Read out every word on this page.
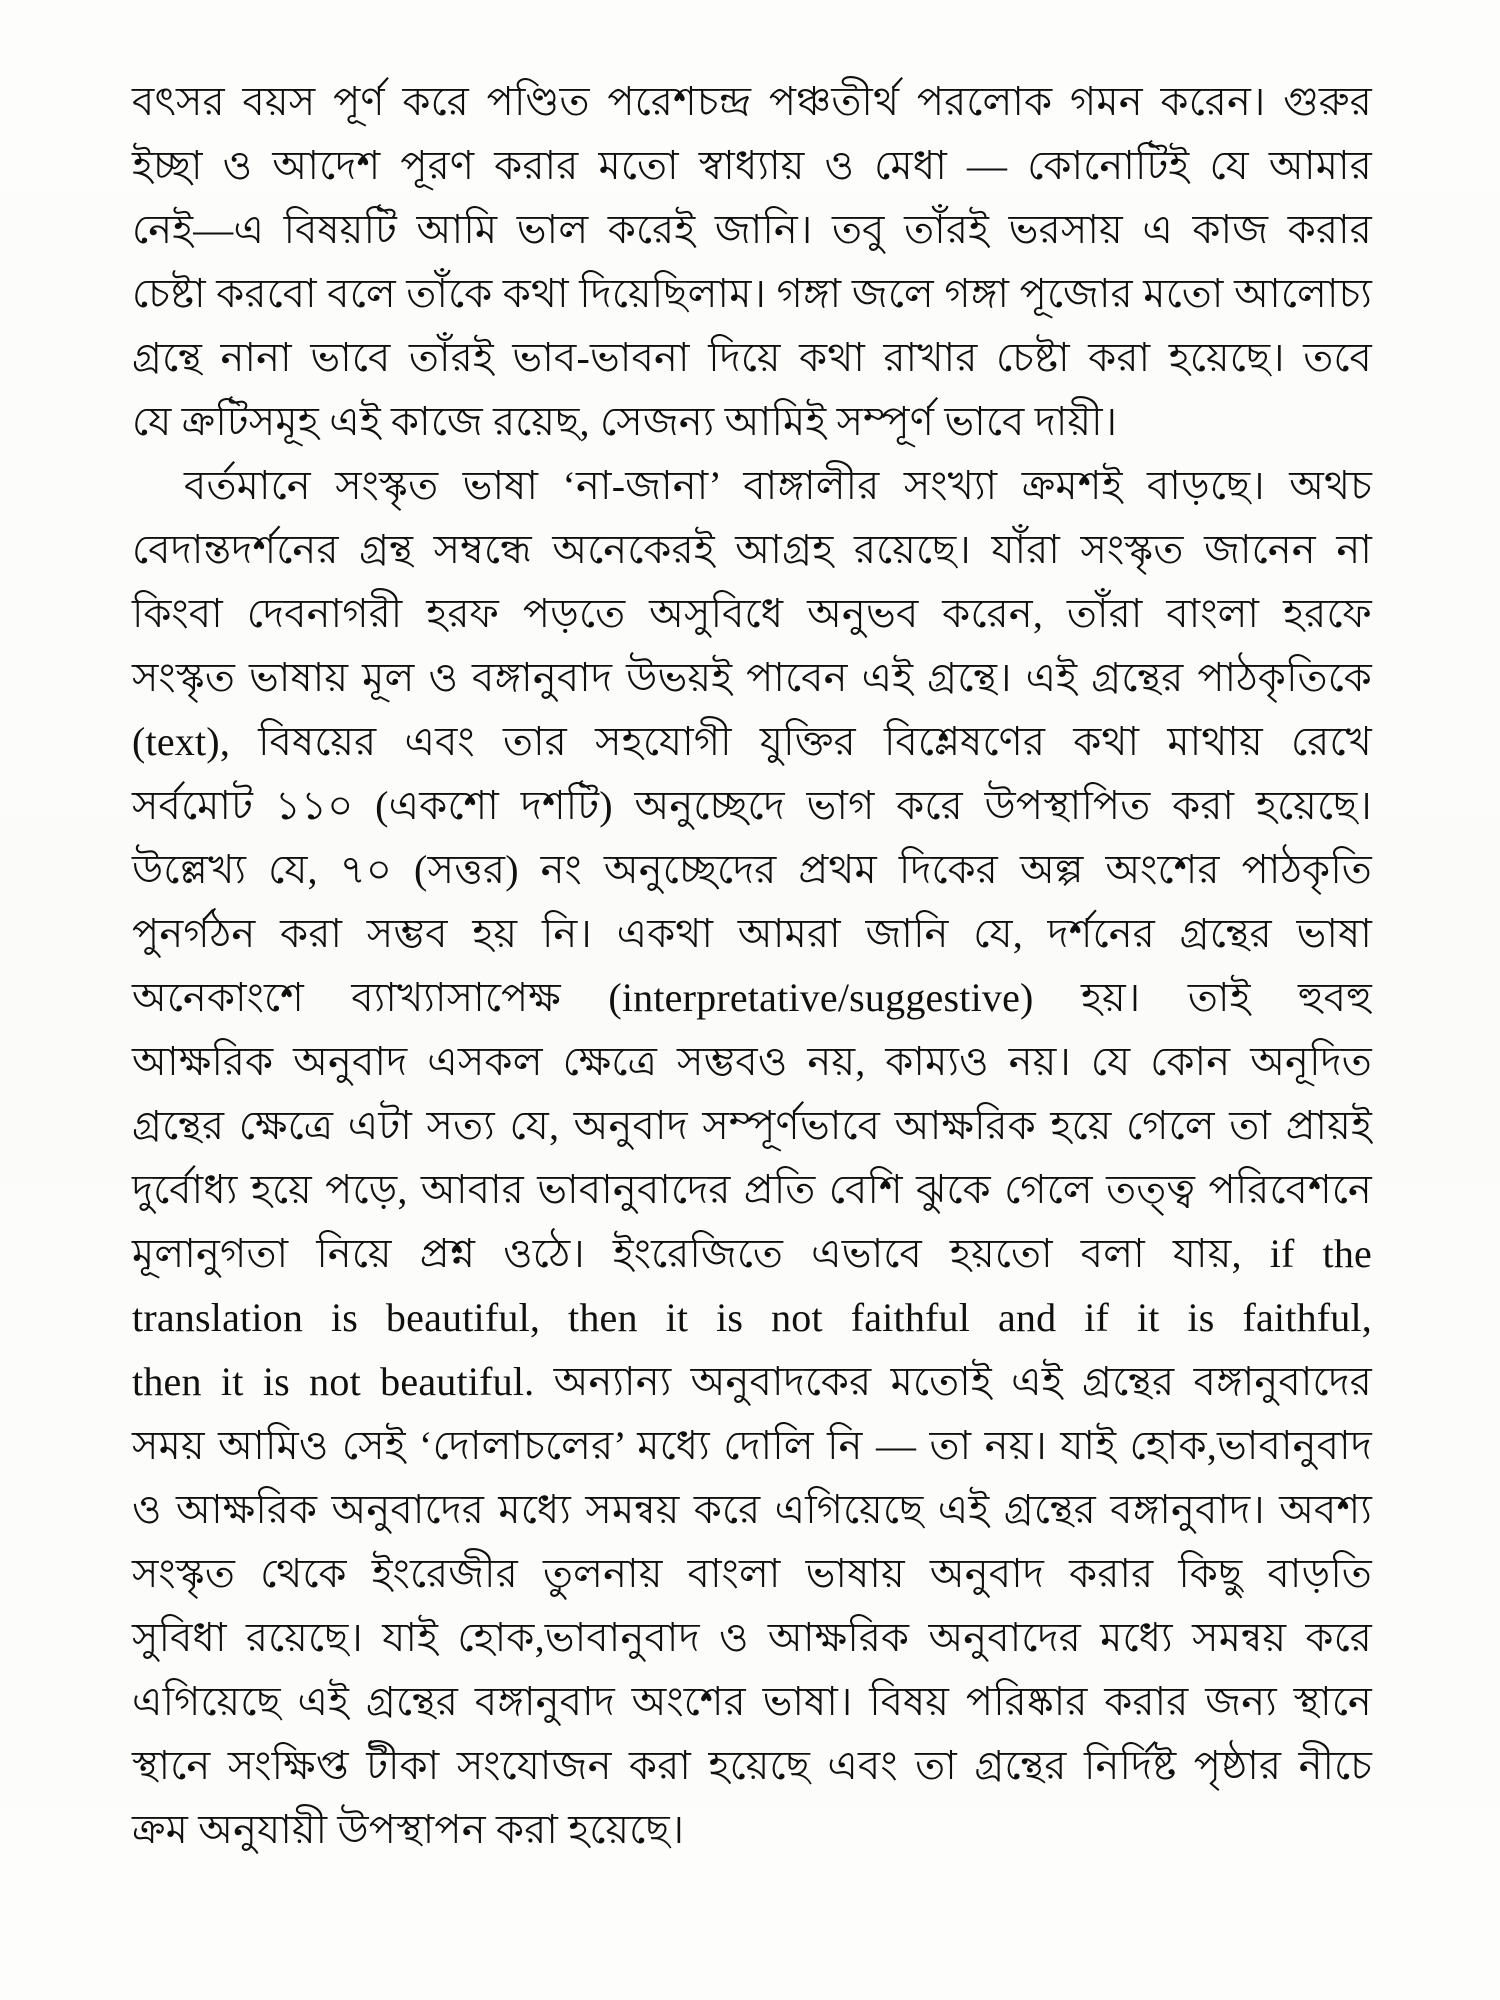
বৎসর বয়স পূর্ণ করে পণ্ডিত পরেশচন্দ্র পঞ্চতীর্থ পরলোক গমন করেন। গুরুর
ইচ্ছা ও আদেশ পূরণ করার মতো স্বাধ্যায় ও মেধা — কোনোটিই যে আমার
নেই—এ বিষয়টি আমি ভাল করেই জানি। তবু তাঁরই ভরসায় এ কাজ করার
চেষ্টা করবো বলে তাঁকে কথা দিয়েছিলাম। গঙ্গা জলে গঙ্গা পূজোর মতো আলোচ্য
গ্রন্থে নানা ভাবে তাঁরই ভাব-ভাবনা দিয়ে কথা রাখার চেষ্টা করা হয়েছে। তবে
যে ক্রটিসমূহ এই কাজে রয়েছ, সেজন্য আমিই সম্পূর্ণ ভাবে দায়ী।
বর্তমানে সংস্কৃত ভাষা ‘না-জানা’ বাঙ্গালীর সংখ্যা ক্রমশই বাড়ছে। অথচ
বেদান্তদর্শনের গ্রন্থ সম্বন্ধে অনেকেরই আগ্রহ রয়েছে। যাঁরা সংস্কৃত জানেন না
কিংবা দেবনাগরী হরফ পড়তে অসুবিধে অনুভব করেন, তাঁরা বাংলা হরফে
সংস্কৃত ভাষায় মূল ও বঙ্গানুবাদ উভয়ই পাবেন এই গ্রন্থে। এই গ্রন্থের পাঠকৃতিকে
(text), বিষয়ের এবং তার সহযোগী যুক্তির বিশ্লেষণের কথা মাথায় রেখে
সর্বমোট ১১০ (একশো দশটি) অনুচ্ছেদে ভাগ করে উপস্থাপিত করা হয়েছে।
উল্লেখ্য যে, ৭০ (সত্তর) নং অনুচ্ছেদের প্রথম দিকের অল্প অংশের পাঠকৃতি
পুনর্গঠন করা সম্ভব হয় নি। একথা আমরা জানি যে, দর্শনের গ্রন্থের ভাষা
অনেকাংশে ব্যাখ্যাসাপেক্ষ (interpretative/suggestive) হয়। তাই হুবহু
আক্ষরিক অনুবাদ এসকল ক্ষেত্রে সম্ভবও নয়, কাম্যও নয়। যে কোন অনূদিত
গ্রন্থের ক্ষেত্রে এটা সত্য যে, অনুবাদ সম্পূর্ণভাবে আক্ষরিক হয়ে গেলে তা প্রায়ই
দুর্বোধ্য হয়ে পড়ে, আবার ভাবানুবাদের প্রতি বেশি ঝুকে গেলে তত্ত্ব পরিবেশনে
মূলানুগতা নিয়ে প্রশ্ন ওঠে। ইংরেজিতে এভাবে হয়তো বলা যায়, if the
translation is beautiful, then it is not faithful and if it is faithful,
then it is not beautiful. অন্যান্য অনুবাদকের মতোই এই গ্রন্থের বঙ্গানুবাদের
সময় আমিও সেই ‘দোলাচলের’ মধ্যে দোলি নি — তা নয়। যাই হোক,ভাবানুবাদ
ও আক্ষরিক অনুবাদের মধ্যে সমন্বয় করে এগিয়েছে এই গ্রন্থের বঙ্গানুবাদ। অবশ্য
সংস্কৃত থেকে ইংরেজীর তুলনায় বাংলা ভাষায় অনুবাদ করার কিছু বাড়তি
সুবিধা রয়েছে। যাই হোক,ভাবানুবাদ ও আক্ষরিক অনুবাদের মধ্যে সমন্বয় করে
এগিয়েছে এই গ্রন্থের বঙ্গানুবাদ অংশের ভাষা। বিষয় পরিষ্কার করার জন্য স্থানে
স্থানে সংক্ষিপ্ত টীকা সংযোজন করা হয়েছে এবং তা গ্রন্থের নির্দিষ্ট পৃষ্ঠার নীচে
ক্রম অনুযায়ী উপস্থাপন করা হয়েছে।
